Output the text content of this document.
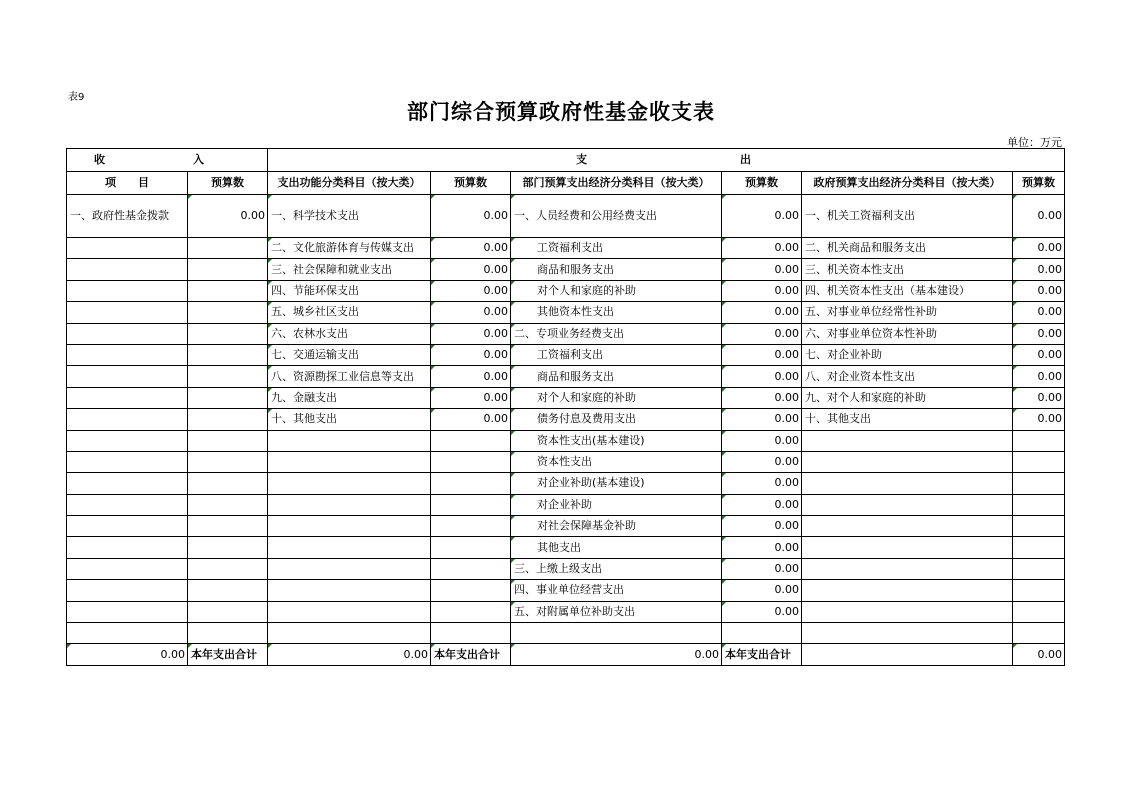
表9
部门综合预算政府性基金收支表
单位：万元
收 入		支 出					

项　　目	预算数	支出功能分类科目（按大类）	预算数	部门预算支出经济分类科目（按大类）	预算数	政府预算支出经济分类科目（按大类）	预算数
一、政府性基金拨款	0.00	一、科学技术支出	0.00	一、人员经费和公用经费支出	0.00	一、机关工资福利支出	0.00
		二、文化旅游体育与传媒支出	0.00	工资福利支出	0.00	二、机关商品和服务支出	0.00
		三、社会保障和就业支出	0.00	商品和服务支出	0.00	三、机关资本性支出	0.00
		四、节能环保支出	0.00	对个人和家庭的补助	0.00	四、机关资本性支出（基本建设）	0.00
		五、城乡社区支出	0.00	其他资本性支出	0.00	五、对事业单位经常性补助	0.00
		六、农林水支出	0.00	二、专项业务经费支出	0.00	六、对事业单位资本性补助	0.00
		七、交通运输支出	0.00	工资福利支出	0.00	七、对企业补助	0.00
		八、资源勘探工业信息等支出	0.00	商品和服务支出	0.00	八、对企业资本性支出	0.00
		九、金融支出	0.00	对个人和家庭的补助	0.00	九、对个人和家庭的补助	0.00
		十、其他支出	0.00	债务付息及费用支出	0.00	十、其他支出	0.00
				资本性支出(基本建设)	0.00		
				资本性支出	0.00		
				对企业补助(基本建设)	0.00		
				对企业补助	0.00		
				对社会保障基金补助	0.00		
				其他支出	0.00		
				三、上缴上级支出	0.00		
				四、事业单位经营支出	0.00		
				五、对附属单位补助支出	0.00		

0.00	本年支出合计	0.00	本年支出合计	0.00	本年支出合计		0.00
